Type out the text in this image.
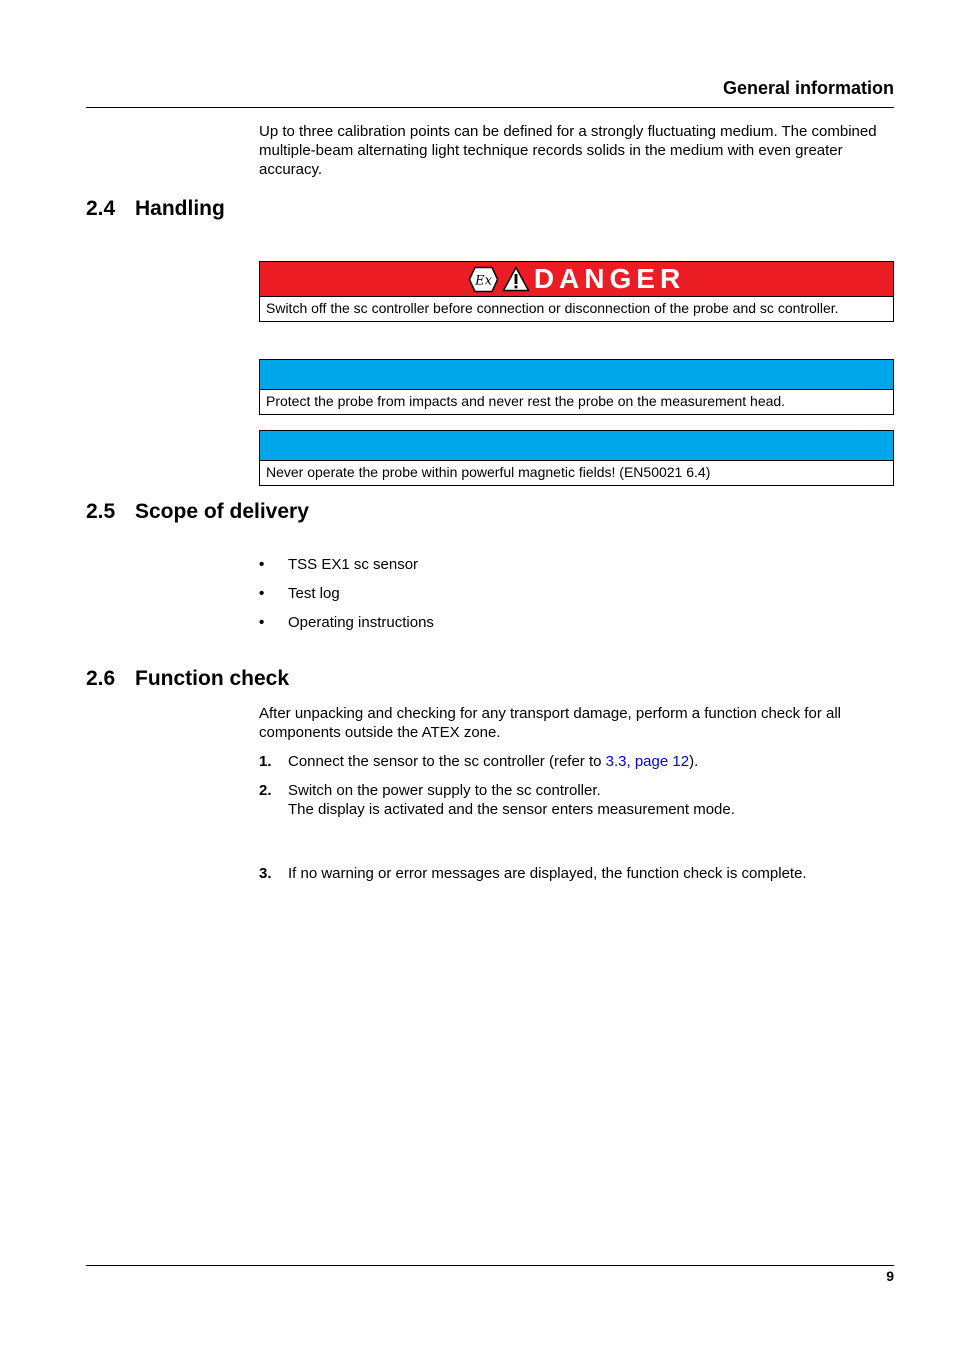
General information
Up to three calibration points can be defined for a strongly fluctuating medium. The combined multiple-beam alternating light technique records solids in the medium with even greater accuracy.
2.4 Handling
Ex DANGER
Switch off the sc controller before connection or disconnection of the probe and sc controller.
Protect the probe from impacts and never rest the probe on the measurement head.
Never operate the probe within powerful magnetic fields! (EN50021 6.4)
2.5 Scope of delivery
• TSS EX1 sc sensor
• Test log
• Operating instructions
2.6 Function check
After unpacking and checking for any transport damage, perform a function check for all components outside the ATEX zone.
1. Connect the sensor to the sc controller (refer to 3.3, page 12).
2. Switch on the power supply to the sc controller.
The display is activated and the sensor enters measurement mode.
3. If no warning or error messages are displayed, the function check is complete.
9
